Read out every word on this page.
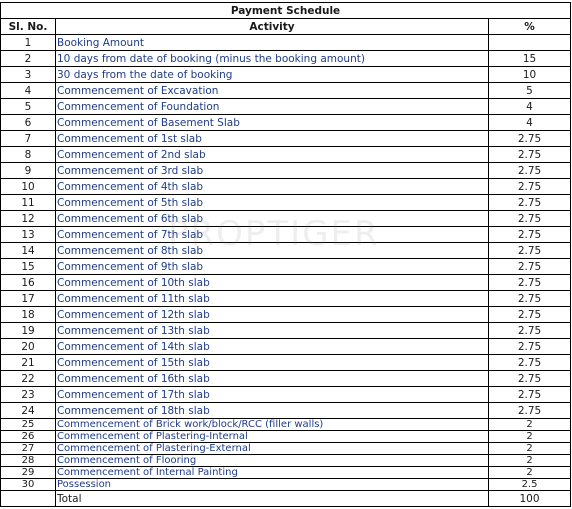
Payment Schedule		
Sl. No.	Activity	%
1	Booking Amount	
2	10 days from date of booking (minus the booking amount)	15
3	30 days from the date of booking	10
4	Commencement of Excavation	5
5	Commencement of Foundation	4
6	Commencement of Basement Slab	4
7	Commencement of 1st slab	2.75
8	Commencement of 2nd slab	2.75
9	Commencement of 3rd slab	2.75
10	Commencement of 4th slab	2.75
11	Commencement of 5th slab	2.75
12	Commencement of 6th slab	2.75
13	Commencement of 7th slab	2.75
14	Commencement of 8th slab	2.75
15	Commencement of 9th slab	2.75
16	Commencement of 10th slab	2.75
17	Commencement of 11th slab	2.75
18	Commencement of 12th slab	2.75
19	Commencement of 13th slab	2.75
20	Commencement of 14th slab	2.75
21	Commencement of 15th slab	2.75
22	Commencement of 16th slab	2.75
23	Commencement of 17th slab	2.75
24	Commencement of 18th slab	2.75
25	Commencement of Brick work/block/RCC (filler walls)	2
26	Commencement of Plastering-Internal	2
27	Commencement of Plastering-External	2
28	Commencement of Flooring	2
29	Commencement of Internal Painting	2
30	Possession	2.5
	Total	100
PROPTIGER
